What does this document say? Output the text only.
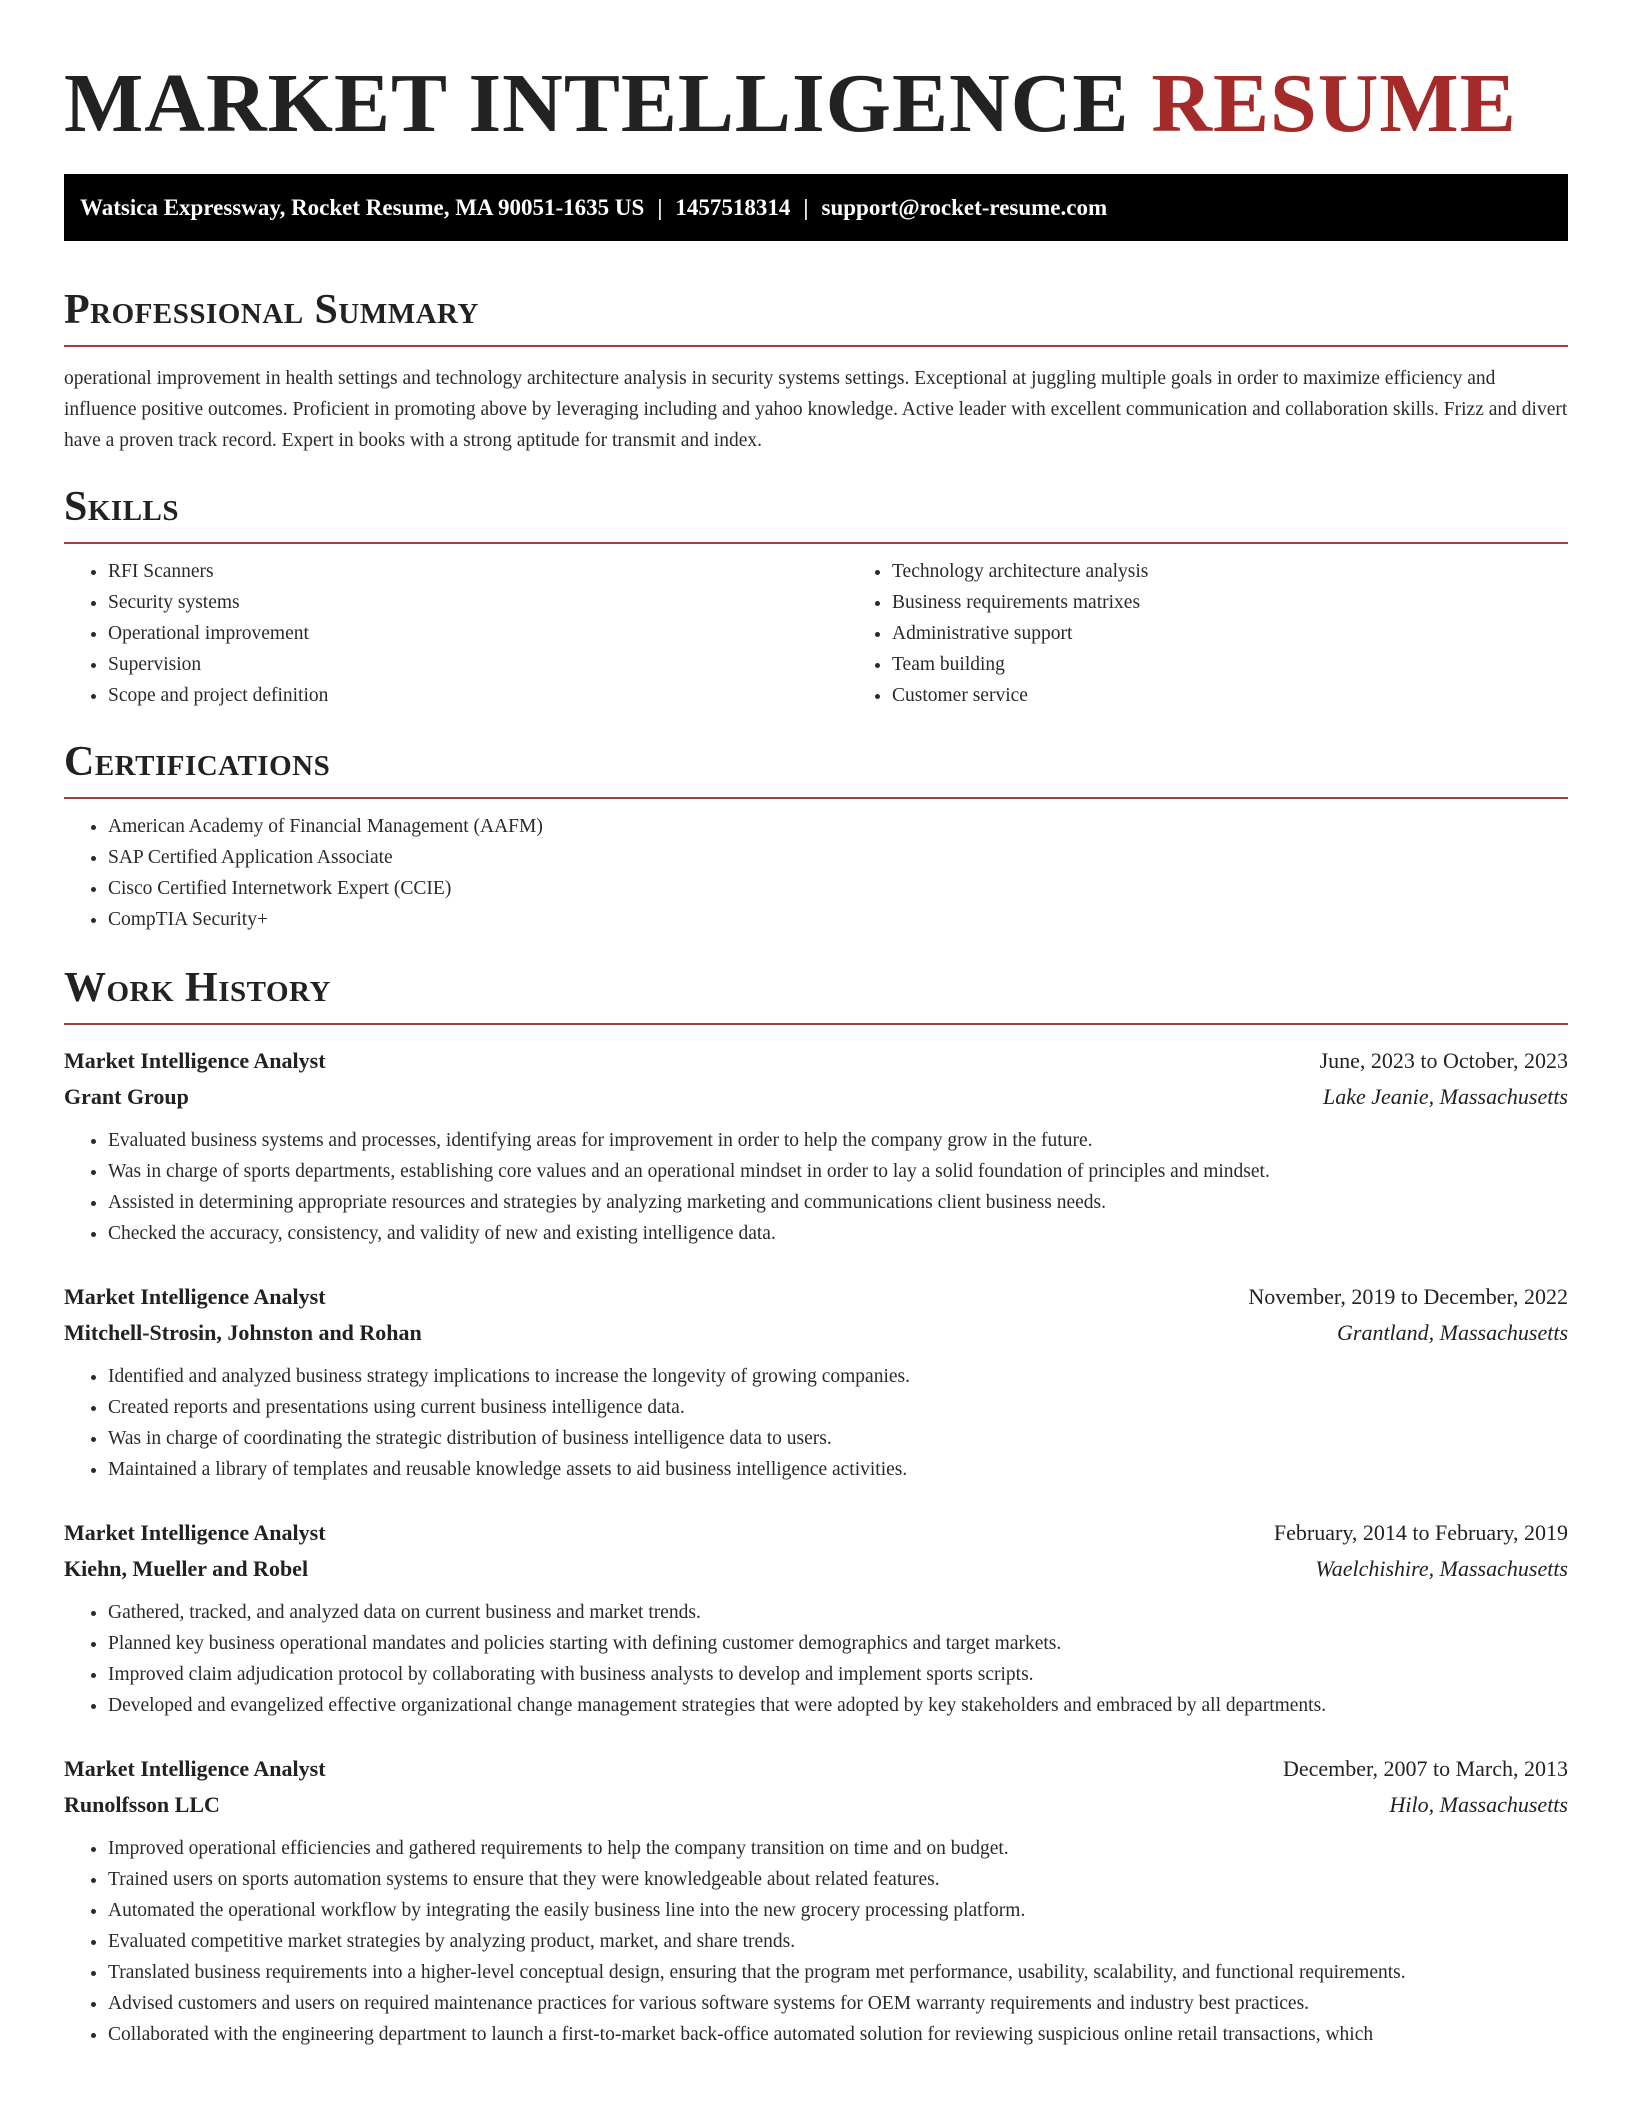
MARKET INTELLIGENCE RESUME
Watsica Expressway, Rocket Resume, MA 90051-1635 US | 1457518314 | support@rocket-resume.com
Professional Summary

operational improvement in health settings and technology architecture analysis in security systems settings. Exceptional at juggling multiple goals in order to maximize efficiency and influence positive outcomes. Proficient in promoting above by leveraging including and yahoo knowledge. Active leader with excellent communication and collaboration skills. Frizz and divert have a proven track record. Expert in books with a strong aptitude for transmit and index.

Skills
• RFI Scanners
• Security systems
• Operational improvement
• Supervision
• Scope and project definition
• Technology architecture analysis
• Business requirements matrixes
• Administrative support
• Team building
• Customer service
Certifications
• American Academy of Financial Management (AAFM)
• SAP Certified Application Associate
• Cisco Certified Internetwork Expert (CCIE)
• CompTIA Security+
Work History
Market Intelligence Analyst	June, 2023 to October, 2023
Grant Group	Lake Jeanie, Massachusetts
• Evaluated business systems and processes, identifying areas for improvement in order to help the company grow in the future.
• Was in charge of sports departments, establishing core values and an operational mindset in order to lay a solid foundation of principles and mindset.
• Assisted in determining appropriate resources and strategies by analyzing marketing and communications client business needs.
• Checked the accuracy, consistency, and validity of new and existing intelligence data.
Market Intelligence Analyst	November, 2019 to December, 2022
Mitchell-Strosin, Johnston and Rohan	Grantland, Massachusetts
• Identified and analyzed business strategy implications to increase the longevity of growing companies.
• Created reports and presentations using current business intelligence data.
• Was in charge of coordinating the strategic distribution of business intelligence data to users.
• Maintained a library of templates and reusable knowledge assets to aid business intelligence activities.
Market Intelligence Analyst	February, 2014 to February, 2019
Kiehn, Mueller and Robel	Waelchishire, Massachusetts
• Gathered, tracked, and analyzed data on current business and market trends.
• Planned key business operational mandates and policies starting with defining customer demographics and target markets.
• Improved claim adjudication protocol by collaborating with business analysts to develop and implement sports scripts.
• Developed and evangelized effective organizational change management strategies that were adopted by key stakeholders and embraced by all departments.
Market Intelligence Analyst	December, 2007 to March, 2013
Runolfsson LLC	Hilo, Massachusetts
• Improved operational efficiencies and gathered requirements to help the company transition on time and on budget.
• Trained users on sports automation systems to ensure that they were knowledgeable about related features.
• Automated the operational workflow by integrating the easily business line into the new grocery processing platform.
• Evaluated competitive market strategies by analyzing product, market, and share trends.
• Translated business requirements into a higher-level conceptual design, ensuring that the program met performance, usability, scalability, and functional requirements.
• Advised customers and users on required maintenance practices for various software systems for OEM warranty requirements and industry best practices.
• Collaborated with the engineering department to launch a first-to-market back-office automated solution for reviewing suspicious online retail transactions, which
